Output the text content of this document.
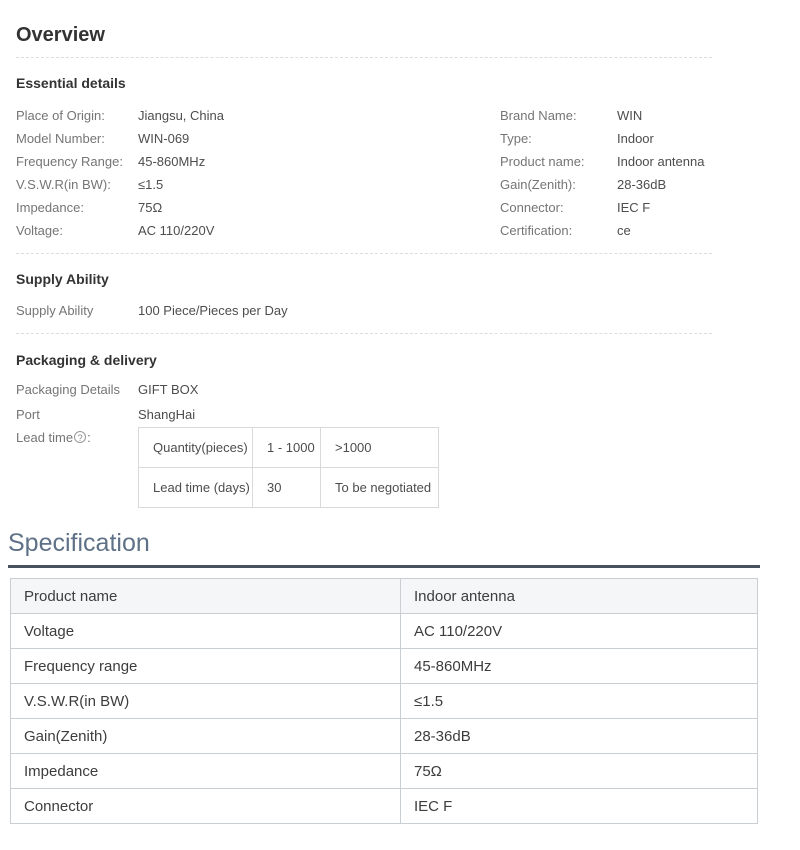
Overview
Essential details
Place of Origin:	Jiangsu, China
Model Number:	WIN-069
Frequency Range:	45-860MHz
V.S.W.R(in BW):	≤1.5
Impedance:	75Ω
Voltage:	AC 110/220V
Brand Name:	WIN
Type:	Indoor
Product name:	Indoor antenna
Gain(Zenith):	28-36dB
Connector:	IEC F
Certification:	ce
Supply Ability
Supply Ability	100 Piece/Pieces per Day
Packaging & delivery
Packaging Details	GIFT BOX
Port	ShangHai
Lead time ? :
Quantity(pieces)	1 - 1000	>1000
Lead time (days)	30	To be negotiated
Specification
Product name	Indoor antenna
Voltage	AC 110/220V
Frequency range	45-860MHz
V.S.W.R(in BW)	≤1.5
Gain(Zenith)	28-36dB
Impedance	75Ω
Connector	IEC F
